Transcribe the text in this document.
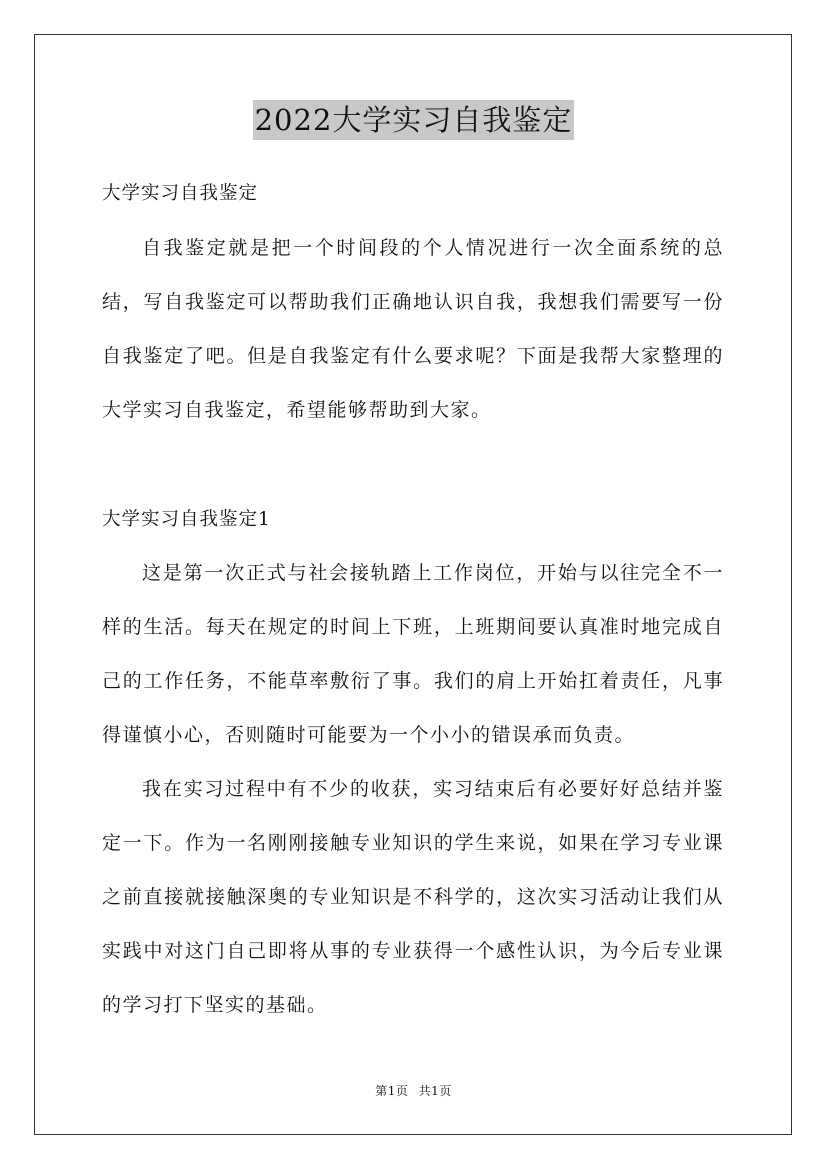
2022大学实习自我鉴定
大学实习自我鉴定

自我鉴定就是把一个时间段的个人情况进行一次全面系统的总结，写自我鉴定可以帮助我们正确地认识自我，我想我们需要写一份自我鉴定了吧。但是自我鉴定有什么要求呢？下面是我帮大家整理的大学实习自我鉴定，希望能够帮助到大家。

大学实习自我鉴定1

这是第一次正式与社会接轨踏上工作岗位，开始与以往完全不一样的生活。每天在规定的时间上下班，上班期间要认真准时地完成自己的工作任务，不能草率敷衍了事。我们的肩上开始扛着责任，凡事得谨慎小心，否则随时可能要为一个小小的错误承而负责。

我在实习过程中有不少的收获，实习结束后有必要好好总结并鉴定一下。作为一名刚刚接触专业知识的学生来说，如果在学习专业课之前直接就接触深奥的专业知识是不科学的，这次实习活动让我们从实践中对这门自己即将从事的专业获得一个感性认识，为今后专业课的学习打下坚实的基础。

第1页 共1页
